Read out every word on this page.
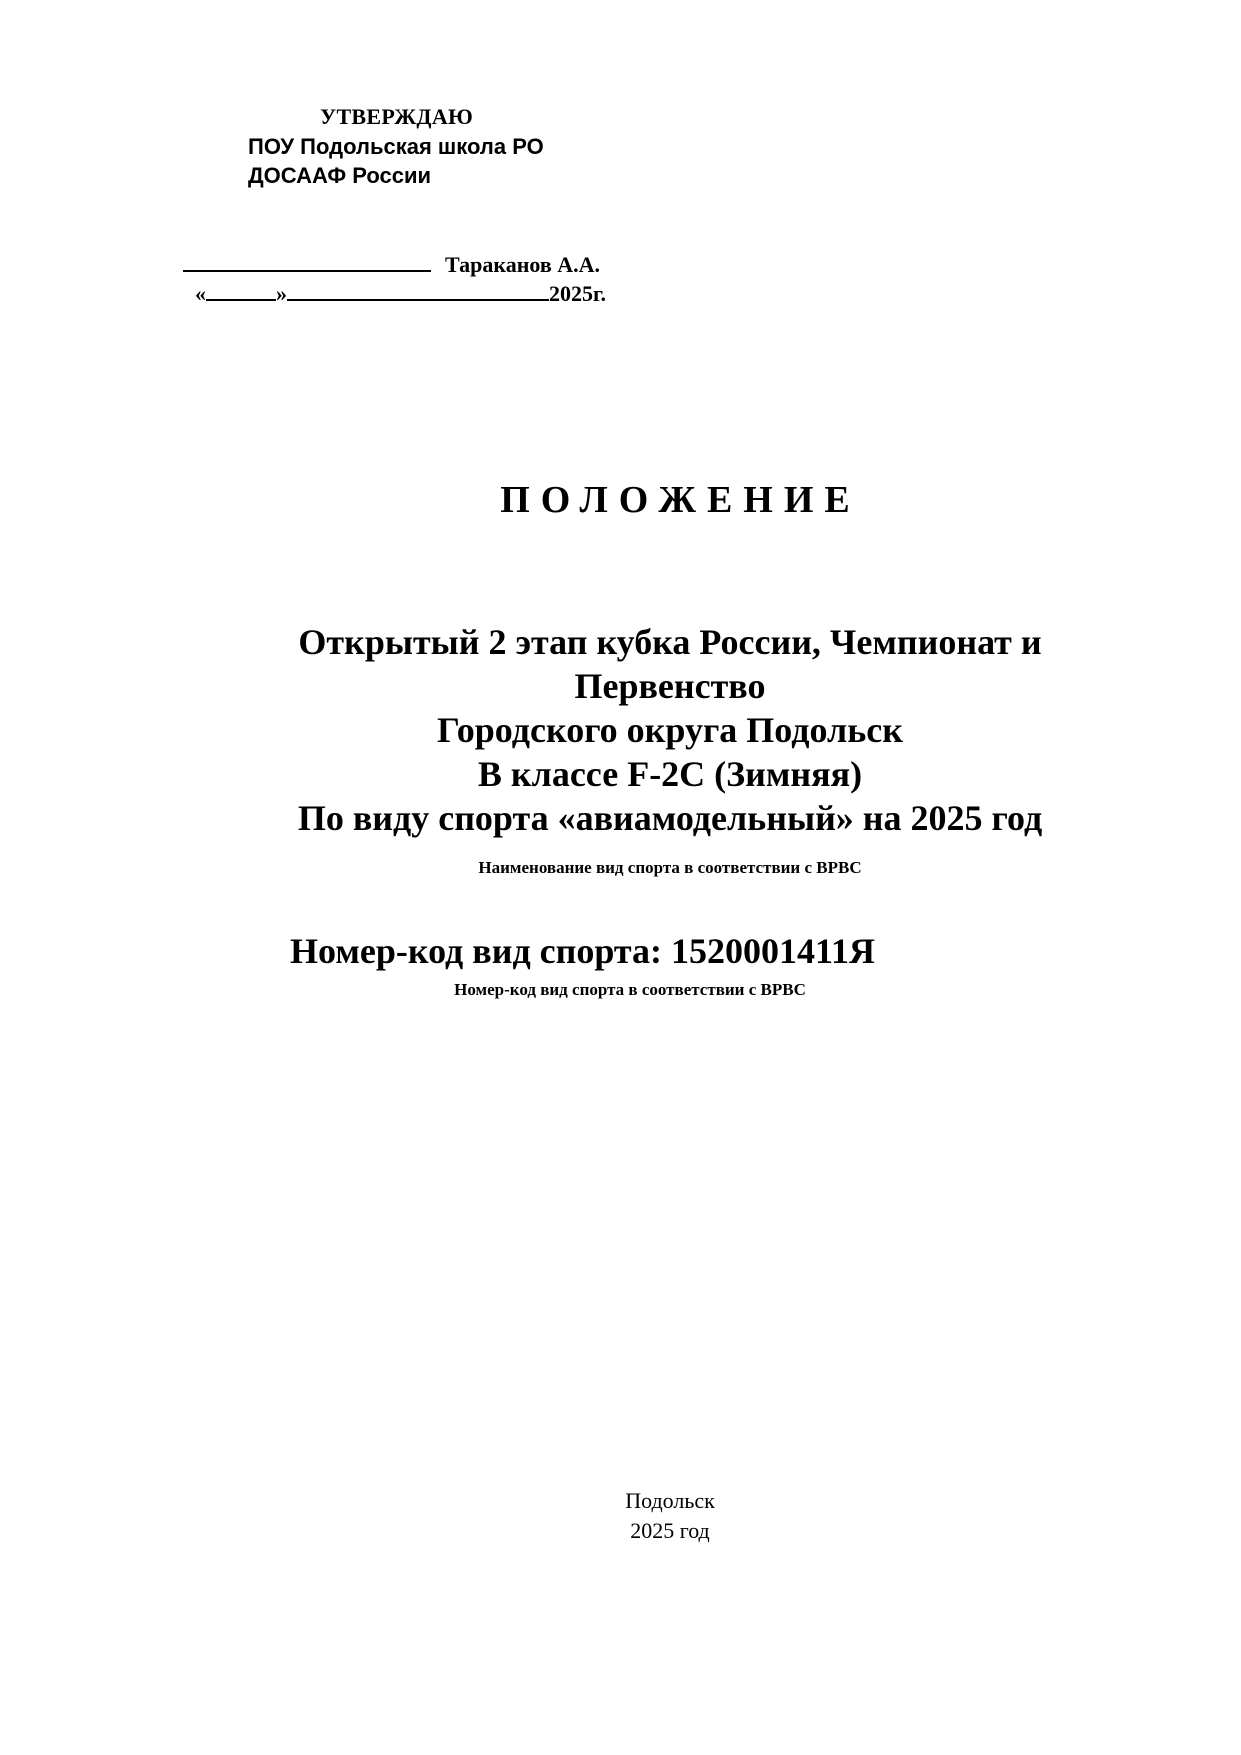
УТВЕРЖДАЮ
ПОУ Подольская школа РО
ДОСААФ России
Тараканов А.А.
«	»	2025г.
ПОЛОЖЕНИЕ
Открытый 2 этап кубка России, Чемпионат и
Первенство
Городского округа Подольск
В классе F-2C (Зимняя)
По виду спорта «авиамодельный» на 2025 год
Наименование вид спорта в соответствии с ВРВС
Номер-код вид спорта: 1520001411Я
Номер-код вид спорта в соответствии с ВРВС
Подольск
2025 год
